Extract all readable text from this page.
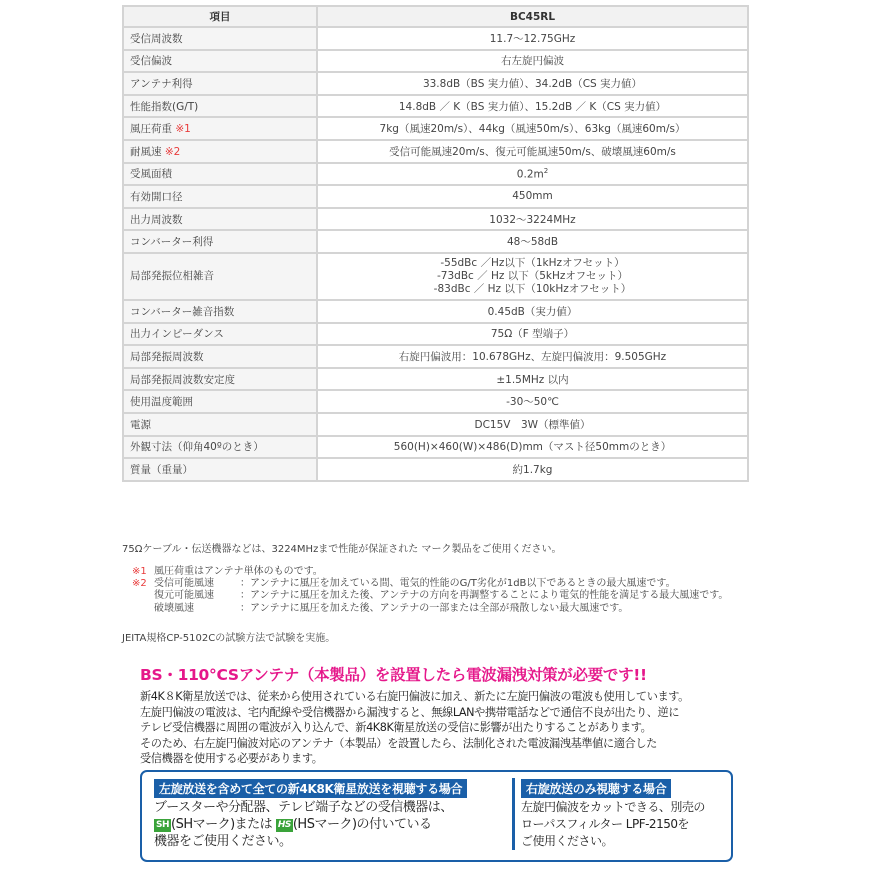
項目	BC45RL
受信周波数	11.7～12.75GHz
受信偏波	右左旋円偏波
アンテナ利得	33.8dB（BS 実力値）、34.2dB（CS 実力値）
性能指数(G/T)	14.8dB ／ K（BS 実力値）、15.2dB ／ K（CS 実力値）
風圧荷重 ※1	7kg（風速20m/s）、44kg（風速50m/s）、63kg（風速60m/s）
耐風速 ※2	受信可能風速20m/s、復元可能風速50m/s、破壊風速60m/s
受風面積	$0.2m^2$
有効開口径	450mm
出力周波数	1032～3224MHz
コンバーター利得	48～58dB
局部発振位相雑音	-55dBc ／Hz以下（1kHzオフセット）
-73dBc ／ Hz 以下（5kHzオフセット）
-83dBc ／ Hz 以下（10kHzオフセット）

コンバーター雑音指数	0.45dB（実力値）
出力インピーダンス	75Ω（F 型端子）
局部発振周波数	右旋円偏波用：10.678GHz、左旋円偏波用：9.505GHz
局部発振周波数安定度	±1.5MHz 以内
使用温度範囲	-30～50℃
電源	DC15V　3W（標準値）
外観寸法（仰角40ºのとき）	560(H)×460(W)×486(D)mm（マスト径50mmのとき）
質量（重量）	約1.7kg
75Ωケーブル・伝送機器などは、3224MHzまで性能が保証された マーク製品をご使用ください。
※1 風圧荷重はアンテナ単体のものです。
※2 受信可能風速	：アンテナに風圧を加えている間、電気的性能のG/T劣化が1dB以下であるときの最大風速です。
復元可能風速	：アンテナに風圧を加えた後、アンテナの方向を再調整することにより電気的性能を満足する最大風速です。
破壊風速	：アンテナに風圧を加えた後、アンテナの一部または全部が飛散しない最大風速です。
JEITA規格CP-5102Cの試験方法で試験を実施。
BS・110°CSアンテナ（本製品）を設置したら電波漏洩対策が必要です!!

新4K８K衛星放送では、従来から使用されている右旋円偏波に加え、新たに左旋円偏波の電波も使用しています。
左旋円偏波の電波は、宅内配線や受信機器から漏洩すると、無線LANや携帯電話などで通信不良が出たり、逆に
テレビ受信機器に周囲の電波が入り込んで、新4K8K衛星放送の受信に影響が出たりすることがあります。
そのため、右左旋円偏波対応のアンテナ（本製品）を設置したら、法制化された電波漏洩基準値に適合した
受信機器を使用する必要があります。

左旋放送を含めて全ての新4K8K衛星放送を視聴する場合
ブースターや分配器、テレビ端子などの受信機器は、
SH (SHマーク)または HS (HSマーク)の付いている
機器をご使用ください。
右旋放送のみ視聴する場合
左旋円偏波をカットできる、別売の
ローパスフィルター LPF-2150を
ご使用ください。
